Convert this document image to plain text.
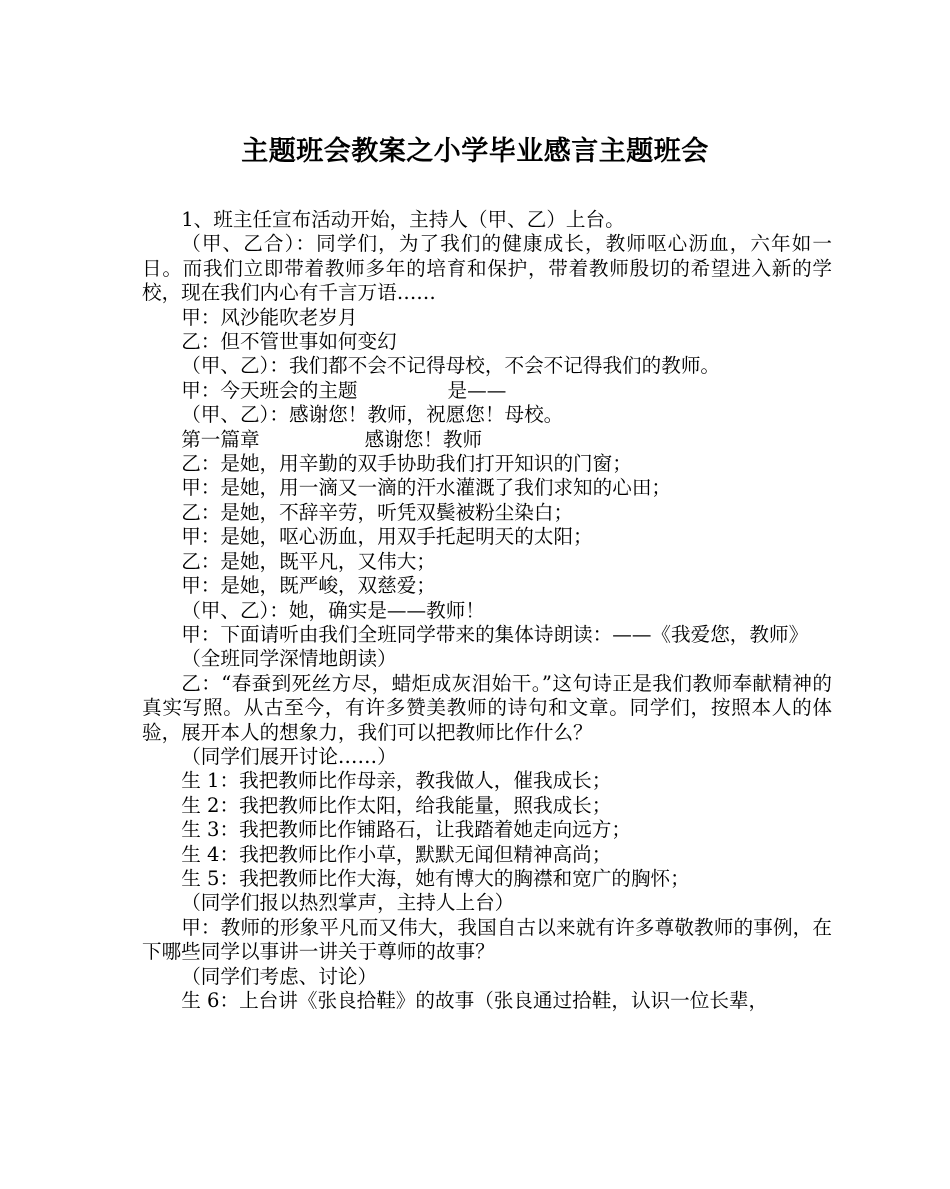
主题班会教案之小学毕业感言主题班会

1、班主任宣布活动开始，主持人（甲、乙）上台。

（甲、乙合）：同学们，为了我们的健康成长，教师呕心沥血，六年如一日。而我们立即带着教师多年的培育和保护，带着教师殷切的希望进入新的学校，现在我们内心有千言万语……

甲：风沙能吹老岁月

乙：但不管世事如何变幻

（甲、乙）：我们都不会不记得母校，不会不记得我们的教师。

甲：今天班会的主题	是——

（甲、乙）：感谢您！教师，祝愿您！母校。

第一篇章	感谢您！教师

乙：是她，用辛勤的双手协助我们打开知识的门窗；

甲：是她，用一滴又一滴的汗水灌溉了我们求知的心田；

乙：是她，不辞辛劳，听凭双鬓被粉尘染白；

甲：是她，呕心沥血，用双手托起明天的太阳；

乙：是她，既平凡，又伟大；

甲：是她，既严峻，双慈爱；

（甲、乙）：她，确实是——教师！

甲：下面请听由我们全班同学带来的集体诗朗读：——《我爱您，教师》

（全班同学深情地朗读）

乙：“春蚕到死丝方尽，蜡炬成灰泪始干。”这句诗正是我们教师奉献精神的真实写照。从古至今，有许多赞美教师的诗句和文章。同学们，按照本人的体验，展开本人的想象力，我们可以把教师比作什么？

（同学们展开讨论……）

生 1：我把教师比作母亲，教我做人，催我成长；

生 2：我把教师比作太阳，给我能量，照我成长；

生 3：我把教师比作铺路石，让我踏着她走向远方；

生 4：我把教师比作小草，默默无闻但精神高尚；

生 5：我把教师比作大海，她有博大的胸襟和宽广的胸怀；

（同学们报以热烈掌声，主持人上台）

甲：教师的形象平凡而又伟大，我国自古以来就有许多尊敬教师的事例，在下哪些同学以事讲一讲关于尊师的故事？

（同学们考虑、讨论）

生 6：上台讲《张良拾鞋》的故事（张良通过拾鞋，认识一位长辈，
